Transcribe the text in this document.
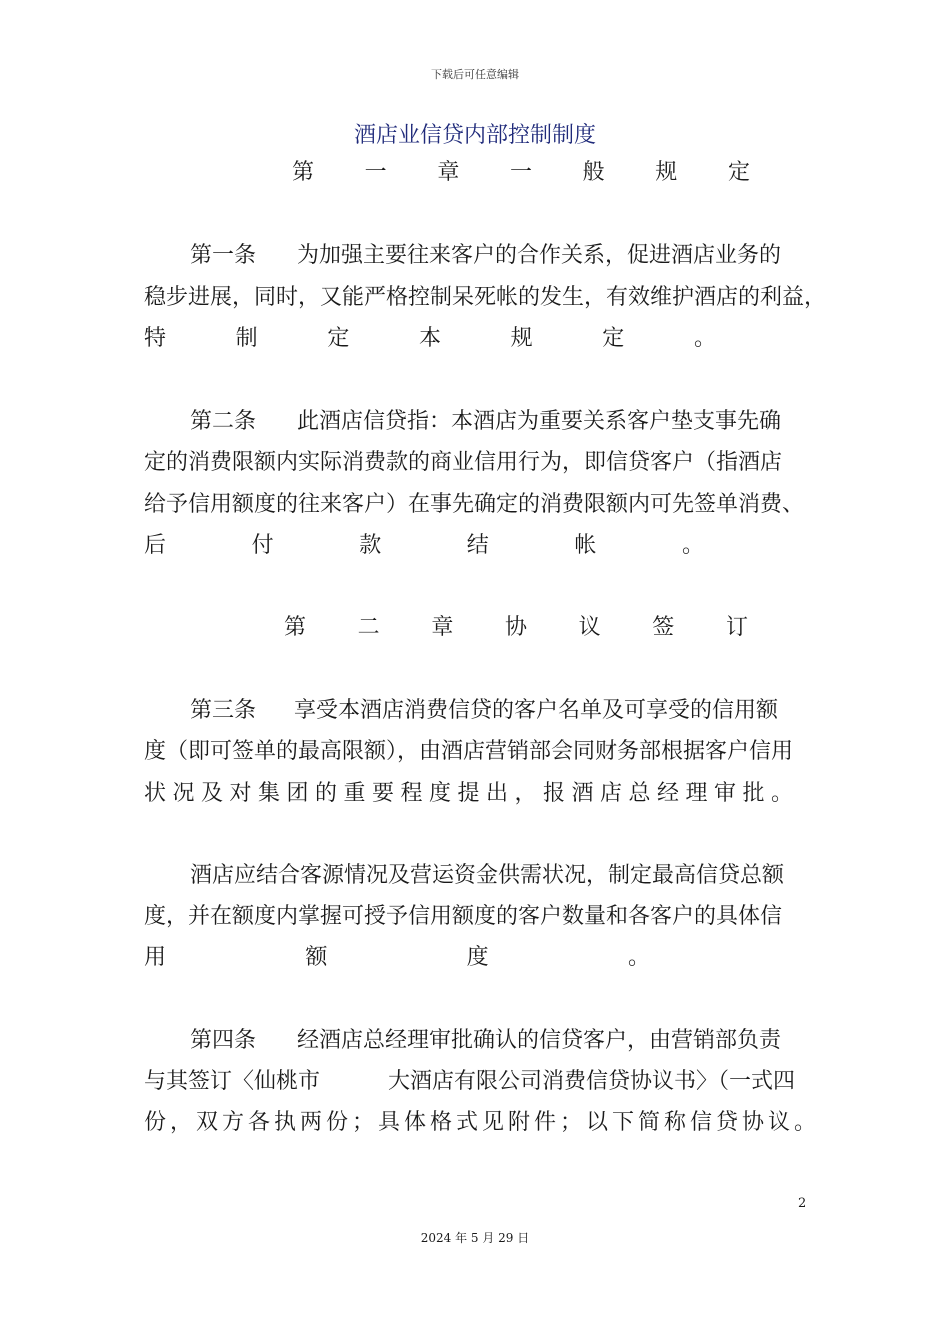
下载后可任意编辑
酒店业信贷内部控制制度
第 一 章 一 般 规 定
第一条 为加强主要往来客户的合作关系，促进酒店业务的
稳步进展，同时，又能严格控制呆死帐的发生，有效维护酒店的利益，
特	制	定	本	规	定	。
第二条 此酒店信贷指：本酒店为重要关系客户垫支事先确
定的消费限额内实际消费款的商业信用行为，即信贷客户（指酒店
给予信用额度的往来客户）在事先确定的消费限额内可先签单消费、
后	付	款	结	帐	。
第 二 章 协 议 签 订
第三条 享受本酒店消费信贷的客户名单及可享受的信用额
度（即可签单的最高限额），由酒店营销部会同财务部根据客户信用
状况及对集团的重要程度提出，报酒店总经理审批。
酒店应结合客源情况及营运资金供需状况，制定最高信贷总额
度，并在额度内掌握可授予信用额度的客户数量和各客户的具体信
用	额	度	。
第四条 经酒店总经理审批确认的信贷客户，由营销部负责
与其签订〈仙桃市	大酒店有限公司消费信贷协议书〉（一式四
份，双方各执两份；具体格式见附件；以下简称信贷协议。
2
2024 年 5 月 29 日
